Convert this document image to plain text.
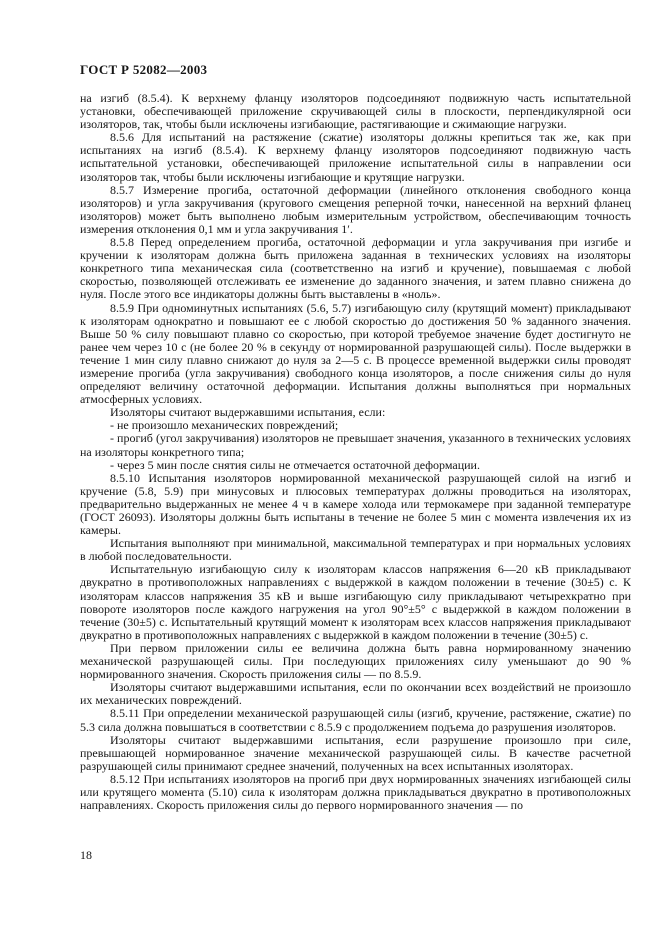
ГОСТ Р 52082—2003

на изгиб (8.5.4). К верхнему фланцу изоляторов подсоединяют подвижную часть испытательной установки, обеспечивающей приложение скручивающей силы в плоскости, перпендикулярной оси изоляторов, так, чтобы были исключены изгибающие, растягивающие и сжимающие нагрузки.

8.5.6 Для испытаний на растяжение (сжатие) изоляторы должны крепиться так же, как при испытаниях на изгиб (8.5.4). К верхнему фланцу изоляторов подсоединяют подвижную часть испытательной установки, обеспечивающей приложение испытательной силы в направлении оси изоляторов так, чтобы были исключены изгибающие и крутящие нагрузки.

8.5.7 Измерение прогиба, остаточной деформации (линейного отклонения свободного конца изоляторов) и угла закручивания (кругового смещения реперной точки, нанесенной на верхний фланец изоляторов) может быть выполнено любым измерительным устройством, обеспечивающим точность измерения отклонения 0,1 мм и угла закручивания 1′.

8.5.8 Перед определением прогиба, остаточной деформации и угла закручивания при изгибе и кручении к изоляторам должна быть приложена заданная в технических условиях на изоляторы конкретного типа механическая сила (соответственно на изгиб и кручение), повышаемая с любой скоростью, позволяющей отслеживать ее изменение до заданного значения, и затем плавно снижена до нуля. После этого все индикаторы должны быть выставлены в «ноль».

8.5.9 При одноминутных испытаниях (5.6, 5.7) изгибающую силу (крутящий момент) прикладывают к изоляторам однократно и повышают ее с любой скоростью до достижения 50 % заданного значения. Выше 50 % силу повышают плавно со скоростью, при которой требуемое значение будет достигнуто не ранее чем через 10 с (не более 20 % в секунду от нормированной разрушающей силы). После выдержки в течение 1 мин силу плавно снижают до нуля за 2—5 с. В процессе временной выдержки силы проводят измерение прогиба (угла закручивания) свободного конца изоляторов, а после снижения силы до нуля определяют величину остаточной деформации. Испытания должны выполняться при нормальных атмосферных условиях.

Изоляторы считают выдержавшими испытания, если:

- не произошло механических повреждений;

- прогиб (угол закручивания) изоляторов не превышает значения, указанного в технических условиях на изоляторы конкретного типа;

- через 5 мин после снятия силы не отмечается остаточной деформации.

8.5.10 Испытания изоляторов нормированной механической разрушающей силой на изгиб и кручение (5.8, 5.9) при минусовых и плюсовых температурах должны проводиться на изоляторах, предварительно выдержанных не менее 4 ч в камере холода или термокамере при заданной температуре (ГОСТ 26093). Изоляторы должны быть испытаны в течение не более 5 мин с момента извлечения их из камеры.

Испытания выполняют при минимальной, максимальной температурах и при нормальных условиях в любой последовательности.

Испытательную изгибающую силу к изоляторам классов напряжения 6—20 кВ прикладывают двукратно в противоположных направлениях с выдержкой в каждом положении в течение (30±5) с. К изоляторам классов напряжения 35 кВ и выше изгибающую силу прикладывают четырехкратно при повороте изоляторов после каждого нагружения на угол 90°±5° с выдержкой в каждом положении в течение (30±5) с. Испытательный крутящий момент к изоляторам всех классов напряжения прикладывают двукратно в противоположных направлениях с выдержкой в каждом положении в течение (30±5) с.

При первом приложении силы ее величина должна быть равна нормированному значению механической разрушающей силы. При последующих приложениях силу уменьшают до 90 % нормированного значения. Скорость приложения силы — по 8.5.9.

Изоляторы считают выдержавшими испытания, если по окончании всех воздействий не произошло их механических повреждений.

8.5.11 При определении механической разрушающей силы (изгиб, кручение, растяжение, сжатие) по 5.3 сила должна повышаться в соответствии с 8.5.9 с продолжением подъема до разрушения изоляторов.

Изоляторы считают выдержавшими испытания, если разрушение произошло при силе, превышающей нормированное значение механической разрушающей силы. В качестве расчетной разрушающей силы принимают среднее значений, полученных на всех испытанных изоляторах.

8.5.12 При испытаниях изоляторов на прогиб при двух нормированных значениях изгибающей силы или крутящего момента (5.10) сила к изоляторам должна прикладываться двукратно в противоположных направлениях. Скорость приложения силы до первого нормированного значения — по

18
